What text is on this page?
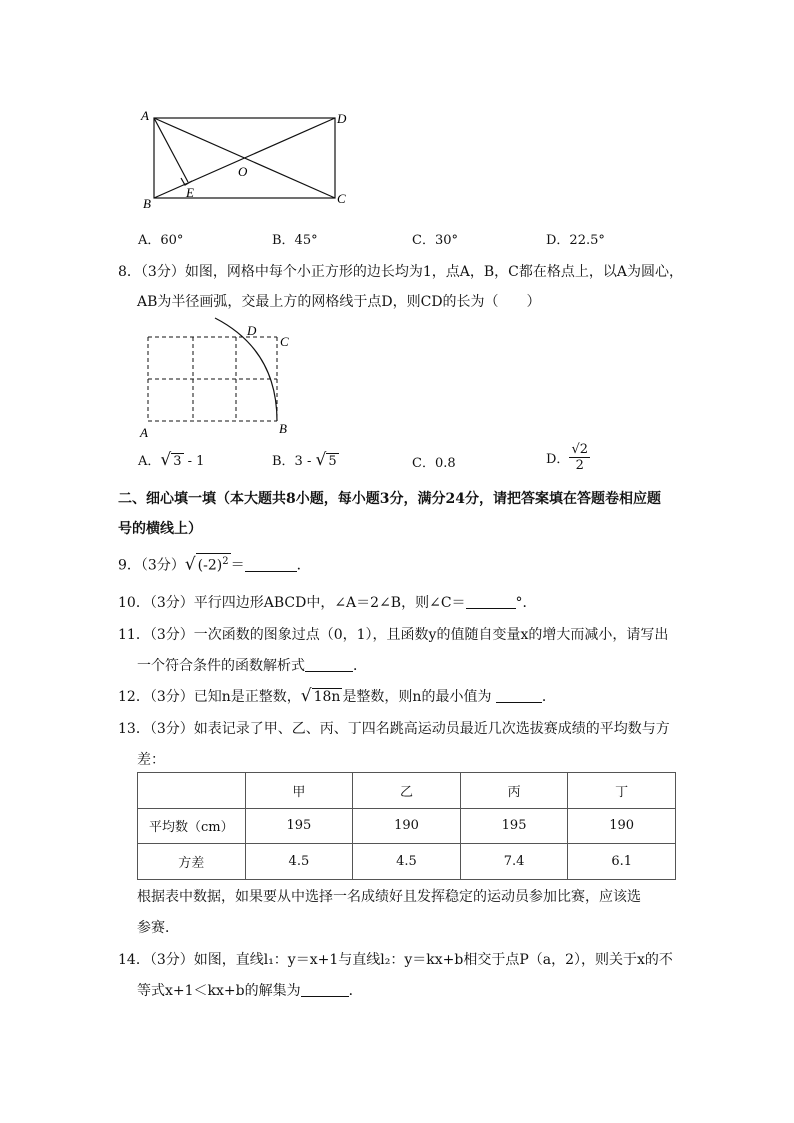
A
B	C
D
O
E
A．60°	B．45°	C．30°	D．22.5°
8．（3分）如图，网格中每个小正方形的边长均为1，点A，B，C都在格点上，以A为圆心，
AB为半径画弧，交最上方的网格线于点D，则CD的长为（　　）
A	B
C
D
A．√ 3 - 1	B．3 - √ 5	C．0.8	D． $\frac{√2}{2}$
二、细心填一填（本大题共8小题，每小题3分，满分24分，请把答案填在答题卷相应题
号的横线上）
9．（3分）√ $(-2)^2$ ＝	．
10．（3分）平行四边形ABCD中，∠A＝2∠B，则∠C＝	°．
11．（3分）一次函数的图象过点（0，1），且函数y的值随自变量x的增大而减小，请写出
一个符合条件的函数解析式	．
12．（3分）已知n是正整数，√ 18n 是整数，则n的最小值为	．
13．（3分）如表记录了甲、乙、丙、丁四名跳高运动员最近几次选拔赛成绩的平均数与方
差：
	甲	乙	丙	丁
平均数（cm）	195	190	195	190
方差	4.5	4.5	7.4	6.1
根据表中数据，如果要从中选择一名成绩好且发挥稳定的运动员参加比赛，应该选
参赛．
14．（3分）如图，直线l₁：y＝x+1与直线l₂：y＝kx+b相交于点P（a，2），则关于x的不
等式x+1＜kx+b的解集为	．
